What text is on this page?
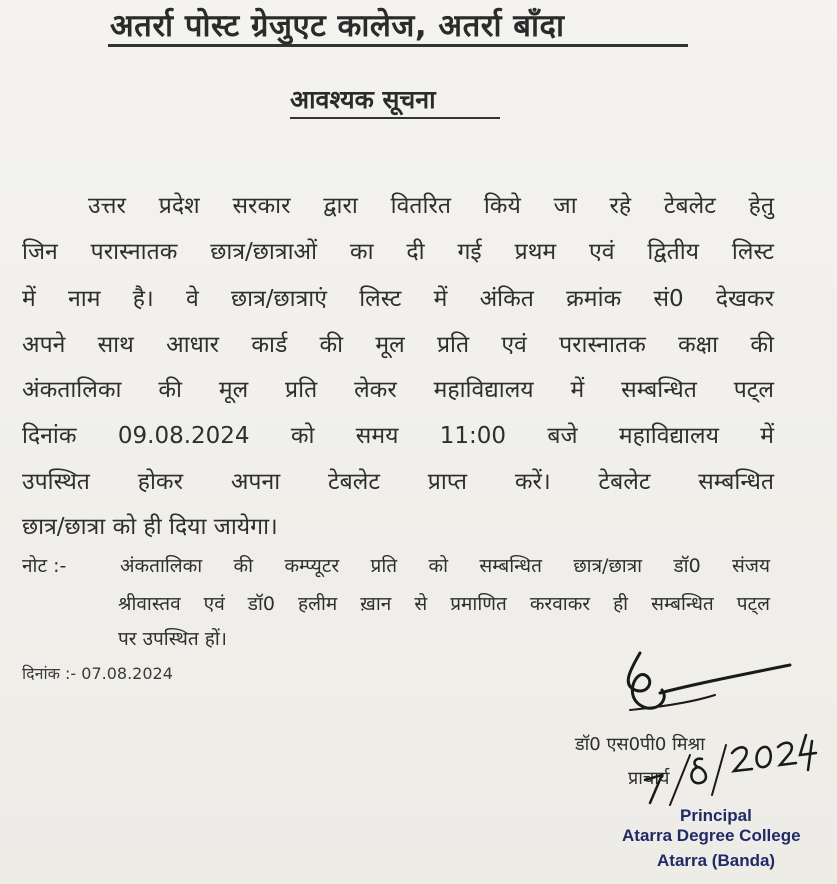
अतर्रा पोस्ट ग्रेजुएट कालेज, अतर्रा बाँदा
आवश्यक सूचना
उत्तर प्रदेश सरकार द्वारा वितरित किये जा रहे टेबलेट हेतु
जिन परास्नातक छात्र/छात्राओं का दी गई प्रथम एवं द्वितीय लिस्ट
में नाम है। वे छात्र/छात्राएं लिस्ट में अंकित क्रमांक सं0 देखकर
अपने साथ आधार कार्ड की मूल प्रति एवं परास्नातक कक्षा की
अंकतालिका की मूल प्रति लेकर महाविद्यालय में सम्बन्धित पट्ल
दिनांक 09.08.2024 को समय 11:00 बजे महाविद्यालय में
उपस्थित होकर अपना टेबलेट प्राप्त करें। टेबलेट सम्बन्धित
छात्र/छात्रा को ही दिया जायेगा।
नोट :-	अंकतालिका की कम्प्यूटर प्रति को सम्बन्धित छात्र/छात्रा डॉ0 संजय
श्रीवास्तव एवं डॉ0 हलीम ख़ान से प्रमाणित करवाकर ही सम्बन्धित पट्ल
पर उपस्थित हों।
दिनांक :- 07.08.2024
डॉ0 एस0पी0 मिश्रा
प्राचार्य
Principal
Atarra Degree College
Atarra (Banda)
